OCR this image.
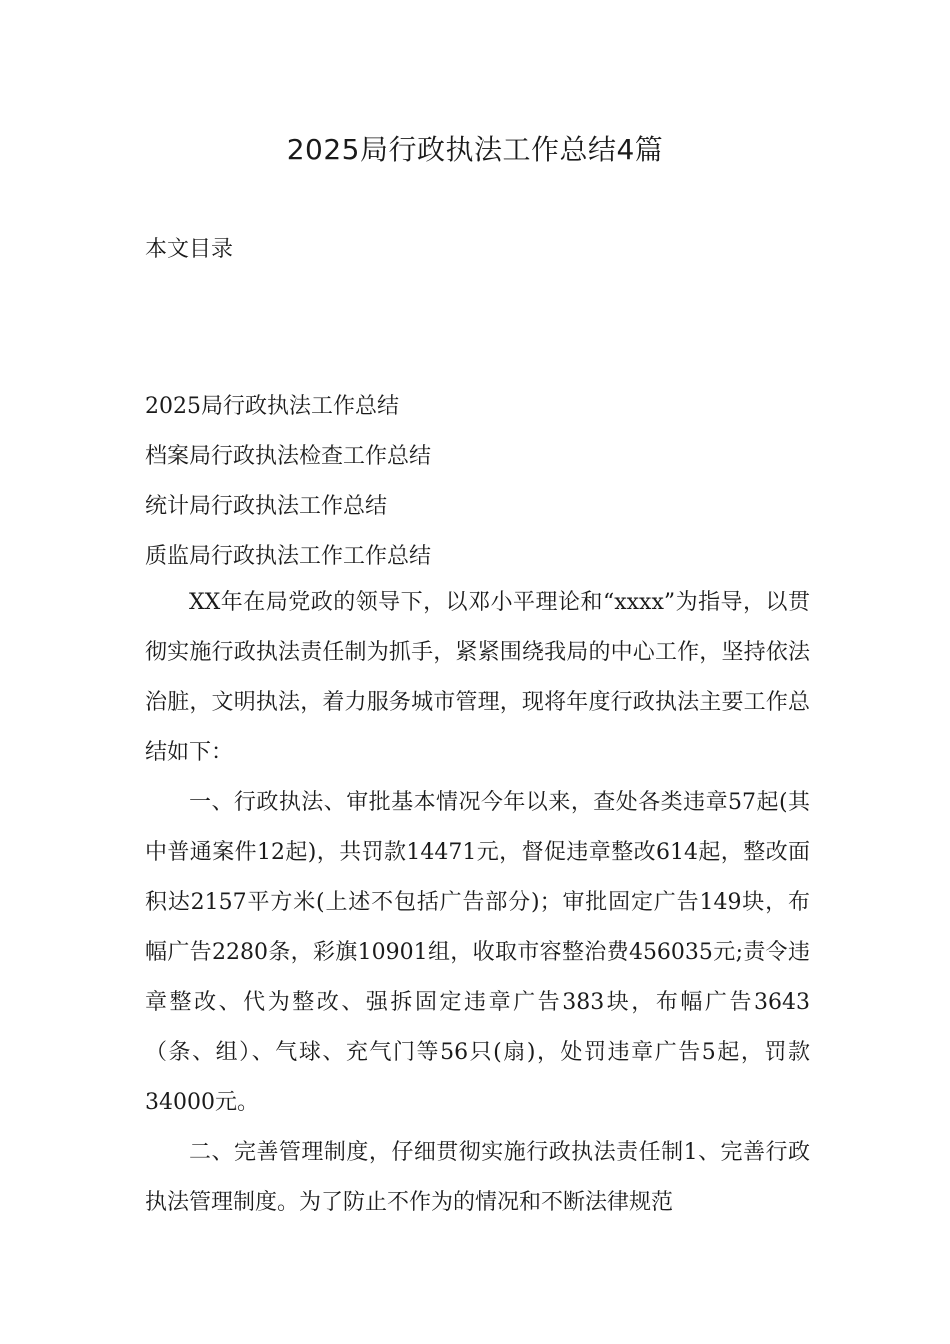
2025局行政执法工作总结4篇
本文目录
2025局行政执法工作总结
档案局行政执法检查工作总结
统计局行政执法工作总结
质监局行政执法工作工作总结

XX年在局党政的领导下，以邓小平理论和“xxxx”为指导，以贯彻实施行政执法责任制为抓手，紧紧围绕我局的中心工作，坚持依法治脏，文明执法，着力服务城市管理，现将年度行政执法主要工作总结如下：

一、行政执法、审批基本情况今年以来，查处各类违章57起(其中普通案件12起)，共罚款14471元，督促违章整改614起，整改面积达2157平方米(上述不包括广告部分)；审批固定广告149块，布幅广告2280条，彩旗10901组，收取市容整治费456035元;责令违章整改、代为整改、强拆固定违章广告383块，布幅广告3643（条、组）、气球、充气门等56只(扇)，处罚违章广告5起，罚款34000元。

二、完善管理制度，仔细贯彻实施行政执法责任制1、完善行政执法管理制度。为了防止不作为的情况和不断法律规范
